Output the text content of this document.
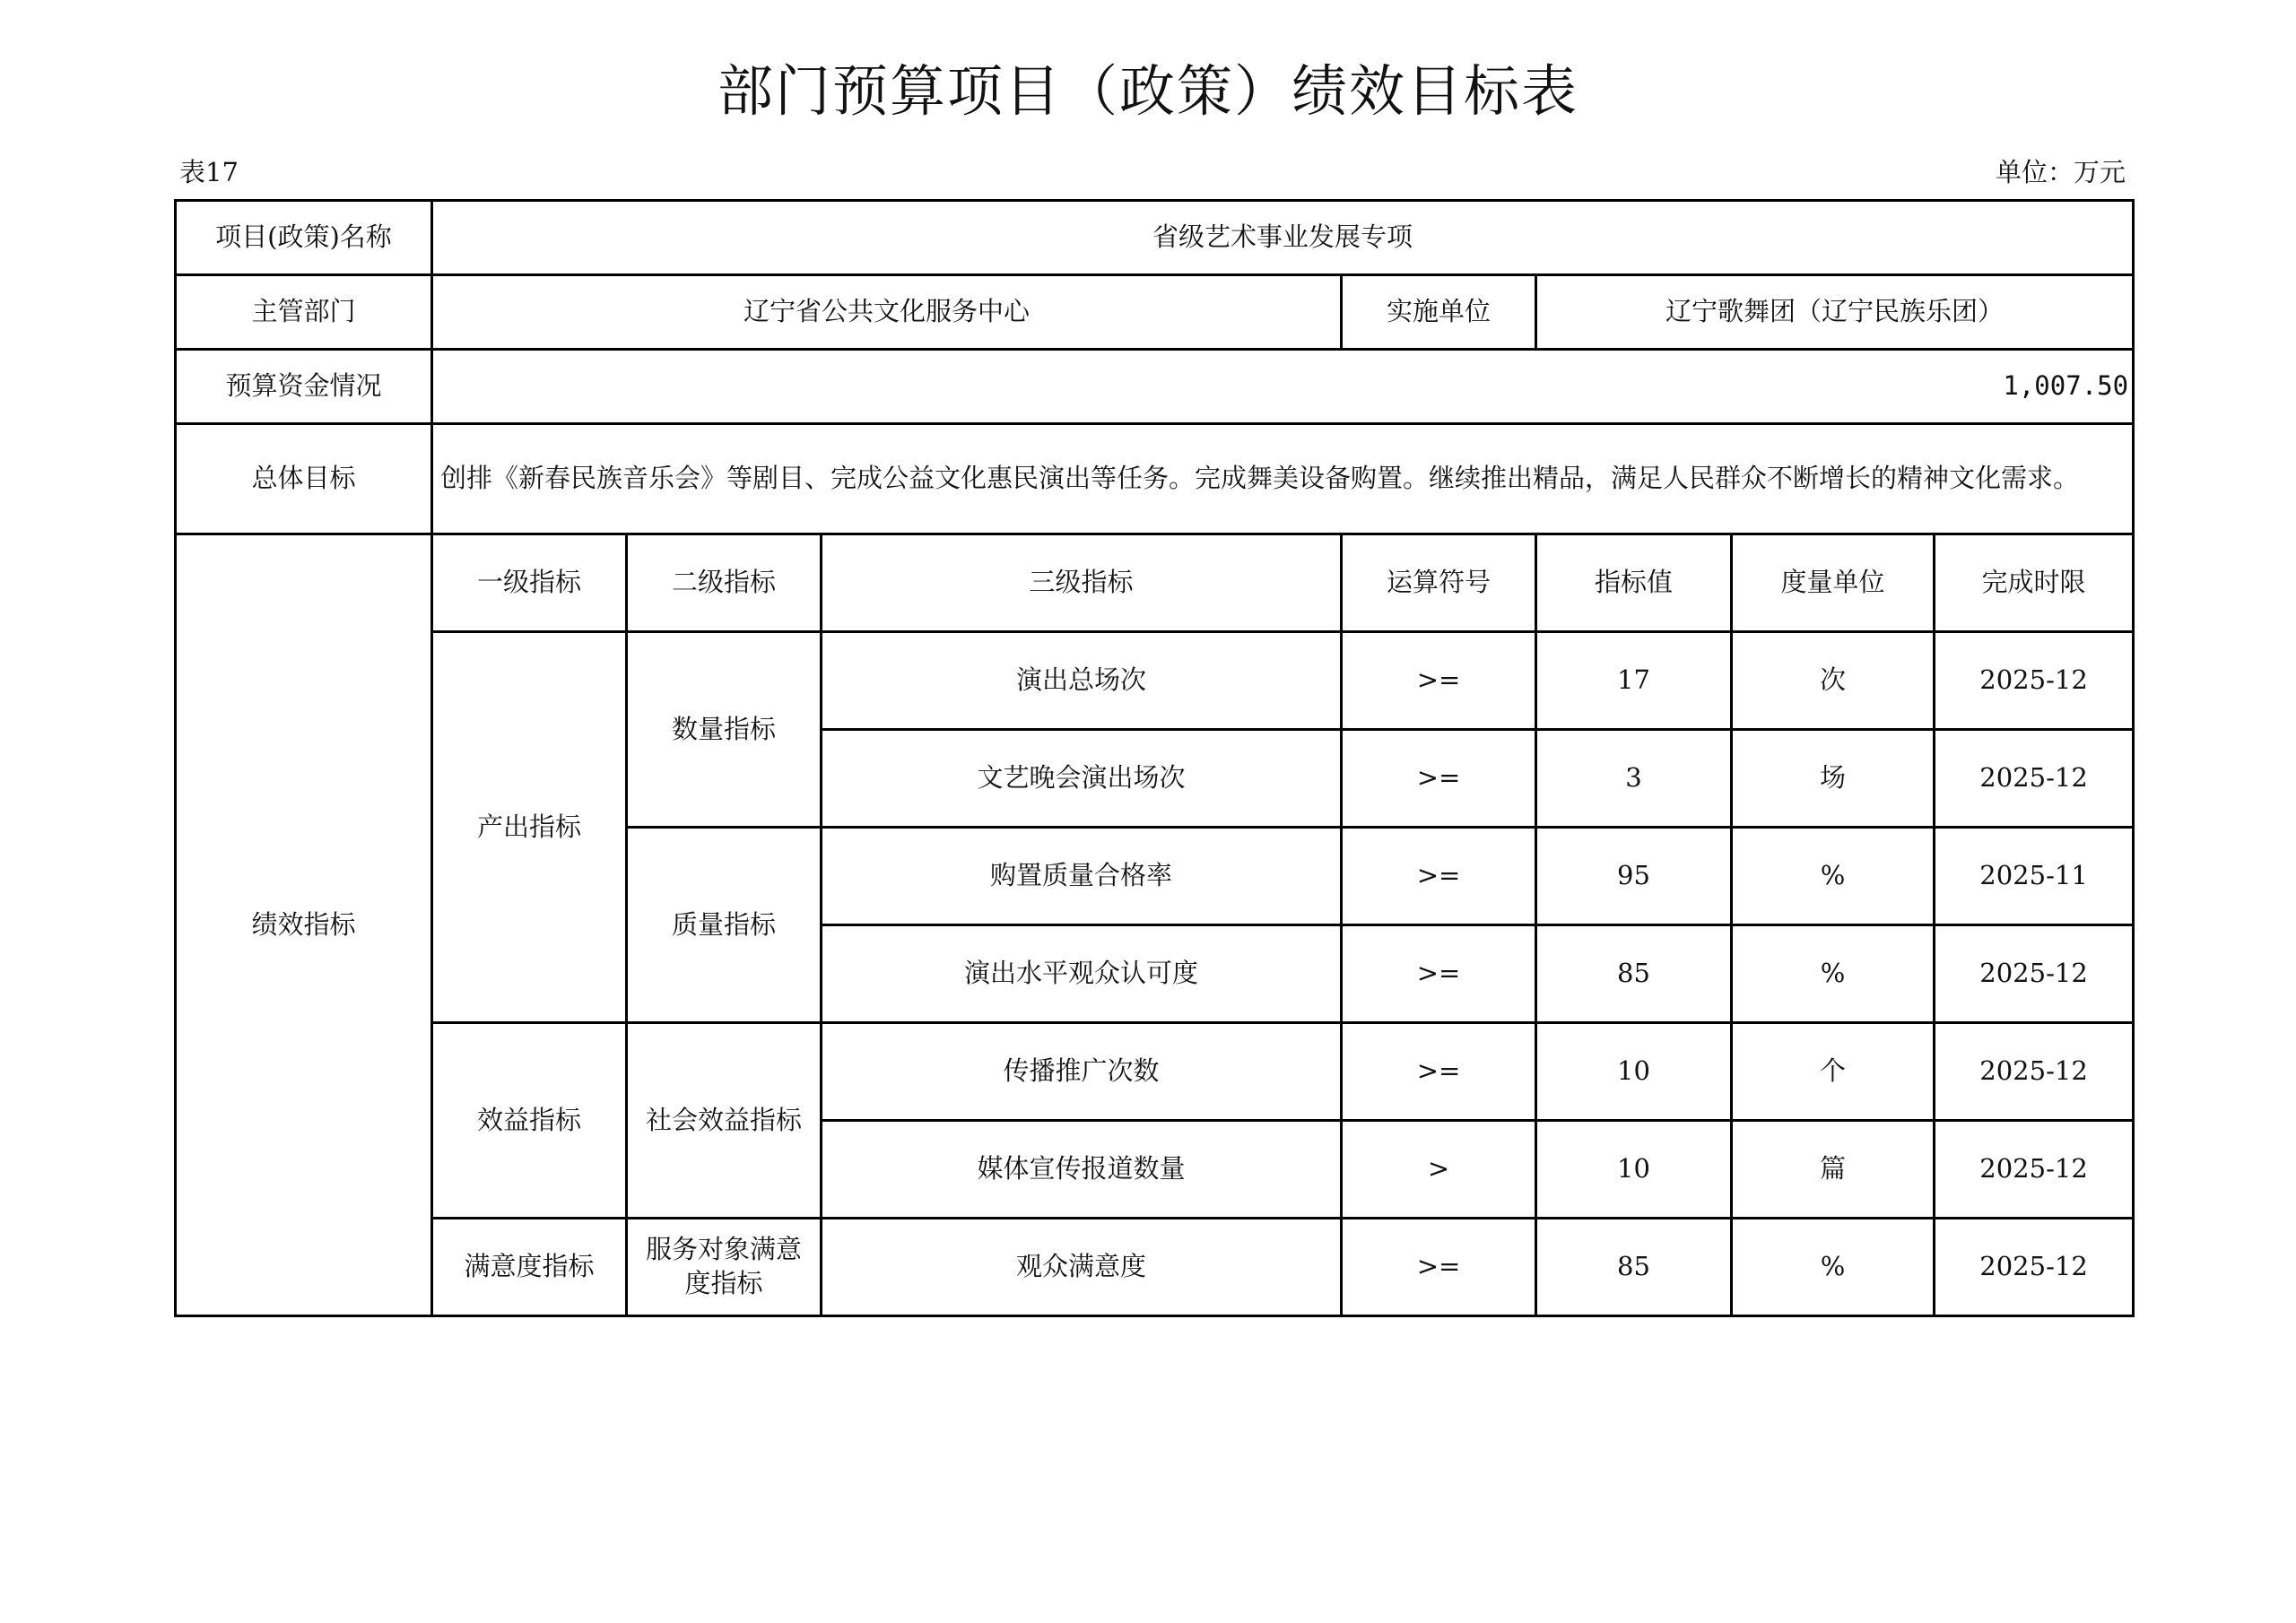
部门预算项目（政策）绩效目标表
表17	单位：万元
项目(政策)名称	省级艺术事业发展专项						
主管部门	辽宁省公共文化服务中心			实施单位	辽宁歌舞团（辽宁民族乐团）		
预算资金情况	1,007.50						
总体目标	创排《新春民族音乐会》等剧目、完成公益文化惠民演出等任务。完成舞美设备购置。继续推出精品，满足人民群众不断增长的精神文化需求。						
绩效指标	一级指标	二级指标	三级指标	运算符号	指标值	度量单位	完成时限
	产出指标	数量指标	演出总场次	>=	17	次	2025-12
			文艺晚会演出场次	>=	3	场	2025-12
		质量指标	购置质量合格率	>=	95	%	2025-11
			演出水平观众认可度	>=	85	%	2025-12
	效益指标	社会效益指标	传播推广次数	>=	10	个	2025-12
			媒体宣传报道数量	>	10	篇	2025-12
	满意度指标	服务对象满意度指标	观众满意度	>=	85	%	2025-12
